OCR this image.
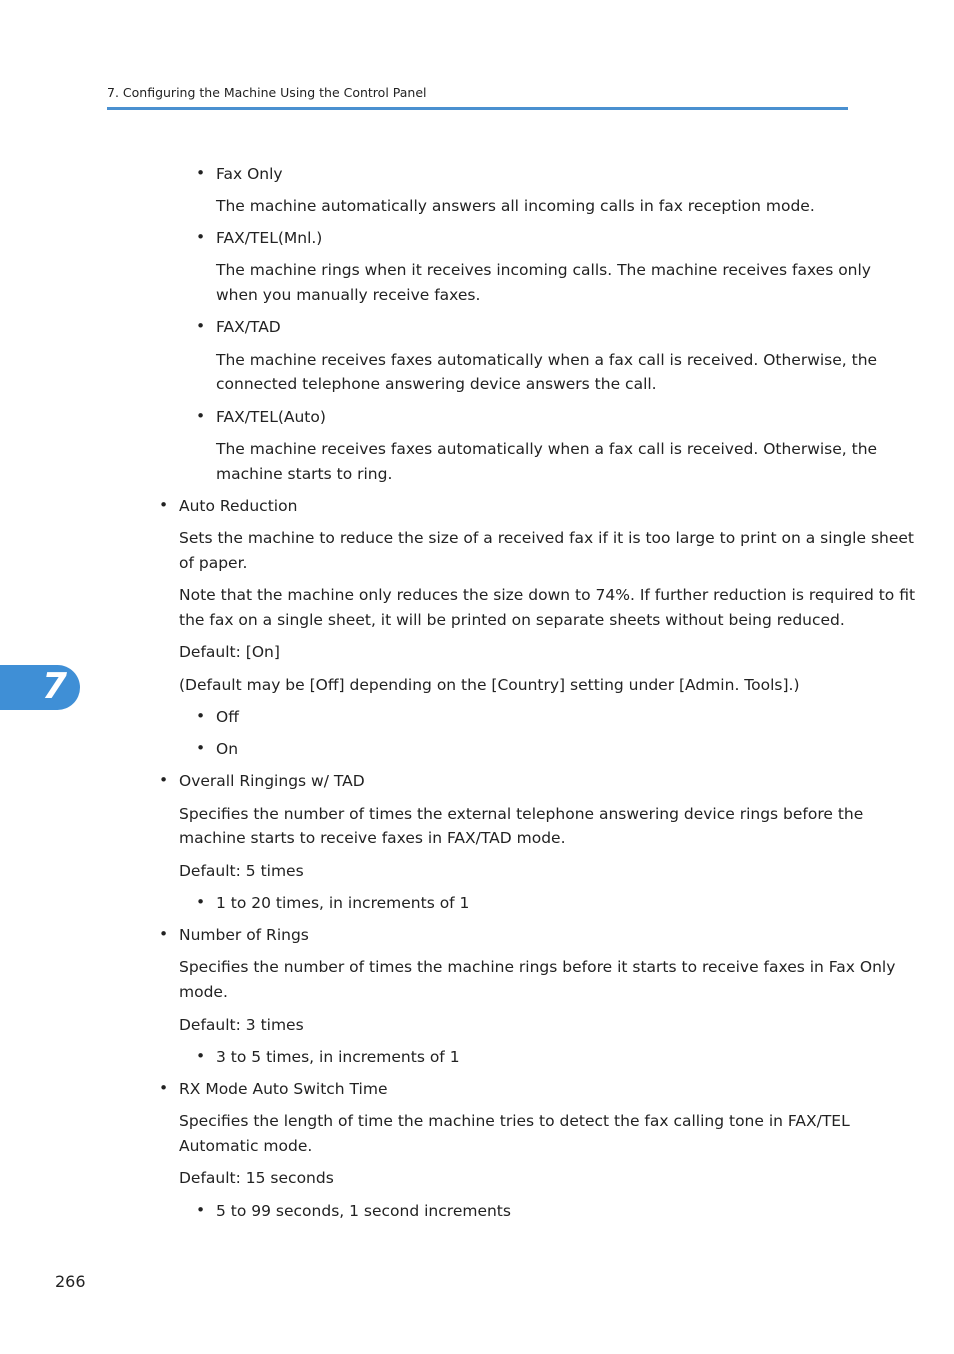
7. Configuring the Machine Using the Control Panel
7
• Fax Only

The machine automatically answers all incoming calls in fax reception mode.

• FAX/TEL(Mnl.)

The machine rings when it receives incoming calls. The machine receives faxes only

when you manually receive faxes.

• FAX/TAD

The machine receives faxes automatically when a fax call is received. Otherwise, the

connected telephone answering device answers the call.

• FAX/TEL(Auto)

The machine receives faxes automatically when a fax call is received. Otherwise, the

machine starts to ring.

• Auto Reduction

Sets the machine to reduce the size of a received fax if it is too large to print on a single sheet

of paper.

Note that the machine only reduces the size down to 74%. If further reduction is required to fit

the fax on a single sheet, it will be printed on separate sheets without being reduced.

Default: [On]

(Default may be [Off] depending on the [Country] setting under [Admin. Tools].)

• Off

• On

• Overall Ringings w/ TAD

Specifies the number of times the external telephone answering device rings before the

machine starts to receive faxes in FAX/TAD mode.

Default: 5 times

• 1 to 20 times, in increments of 1

• Number of Rings

Specifies the number of times the machine rings before it starts to receive faxes in Fax Only

mode.

Default: 3 times

• 3 to 5 times, in increments of 1

• RX Mode Auto Switch Time

Specifies the length of time the machine tries to detect the fax calling tone in FAX/TEL

Automatic mode.

Default: 15 seconds

• 5 to 99 seconds, 1 second increments

266
